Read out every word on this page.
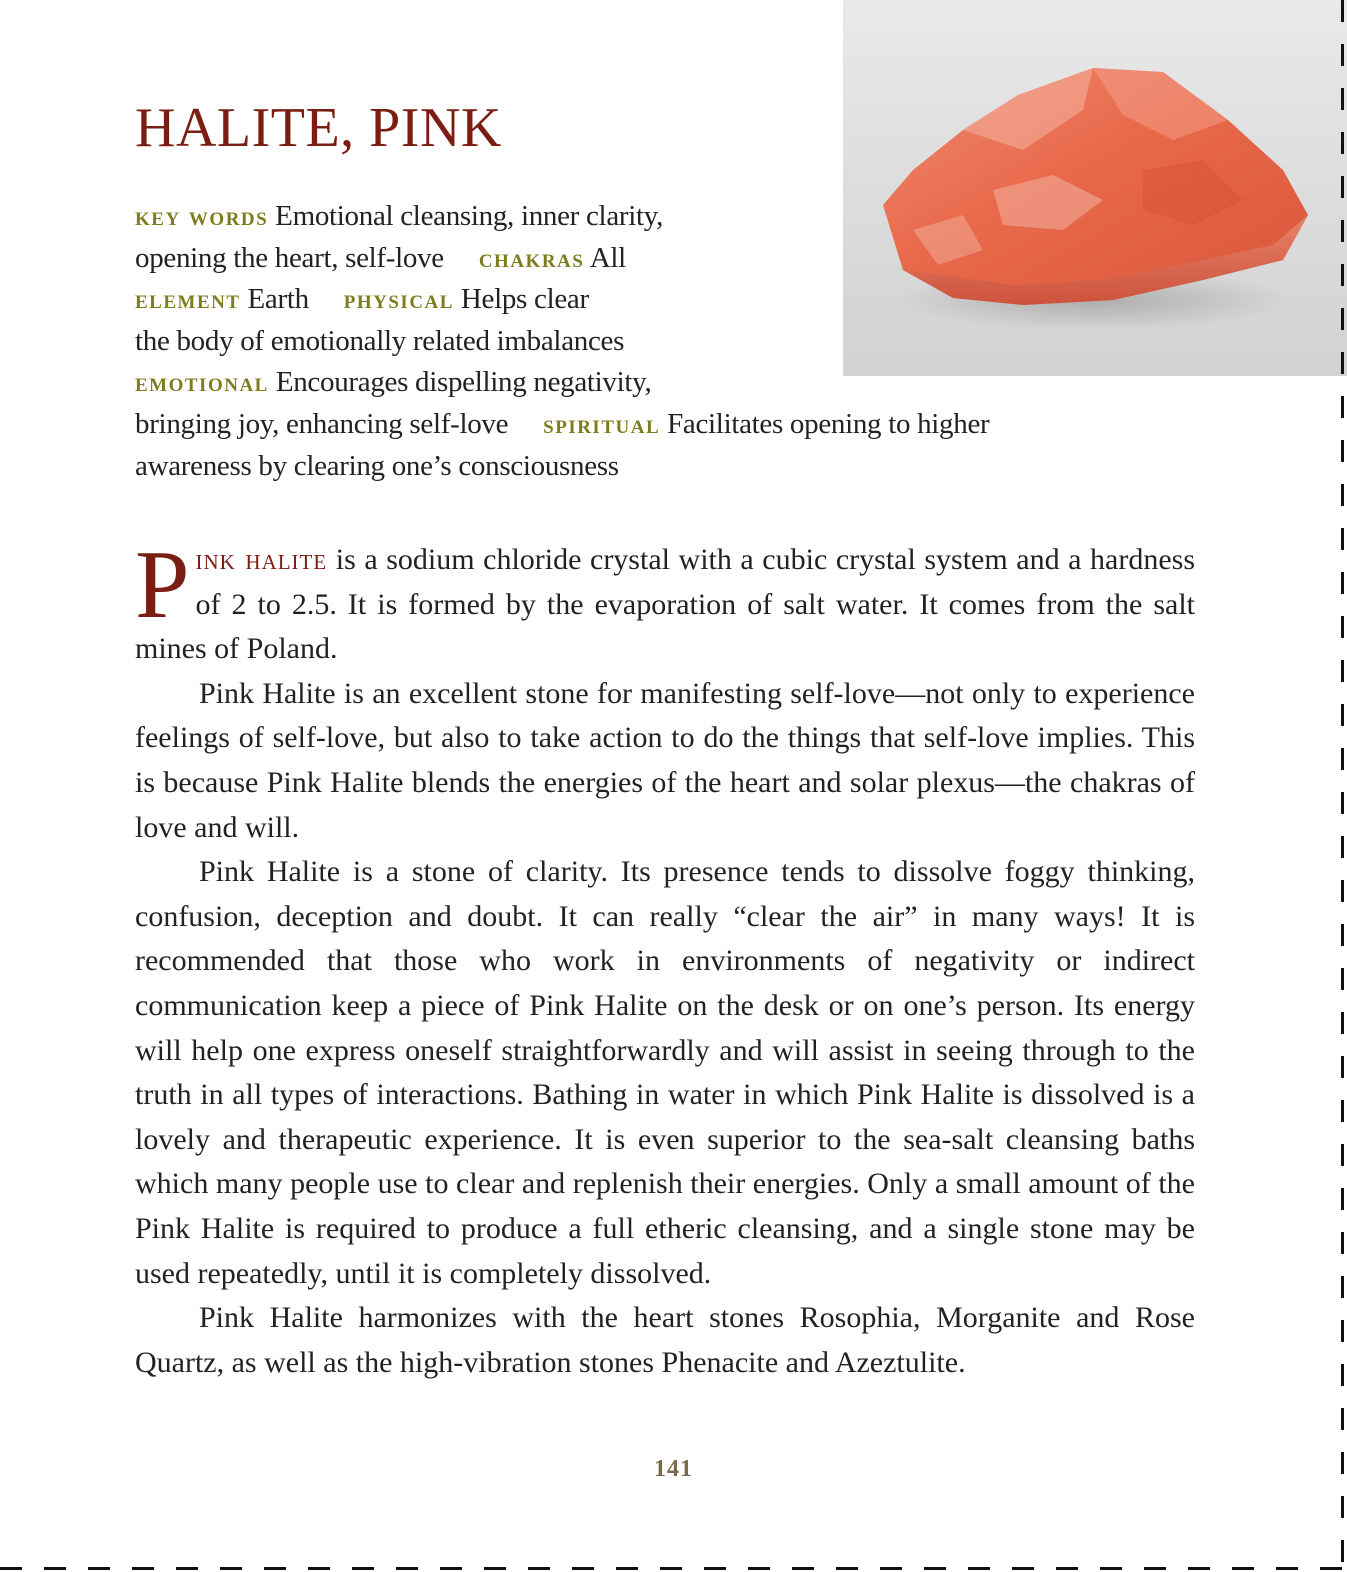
HALITE, PINK
key words Emotional cleansing, inner clarity,
opening the heart, self-love chakras All
element Earth physical Helps clear
the body of emotionally related imbalances
emotional Encourages dispelling negativity,
bringing joy, enhancing self-love spiritual Facilitates opening to higher
awareness by clearing one’s consciousness

Pink halite is a sodium chloride crystal with a cubic crystal system and a hardness of 2 to 2.5. It is formed by the evaporation of salt water. It comes from the salt mines of Poland.

Pink Halite is an excellent stone for manifesting self-love—not only to experience feelings of self-love, but also to take action to do the things that self-love implies. This is because Pink Halite blends the energies of the heart and solar plexus—the chakras of love and will.

Pink Halite is a stone of clarity. Its presence tends to dissolve foggy thinking, confusion, deception and doubt. It can really “clear the air” in many ways! It is recommended that those who work in environments of negativity or indirect communication keep a piece of Pink Halite on the desk or on one’s person. Its energy will help one express oneself straightforwardly and will assist in seeing through to the truth in all types of interactions. Bathing in water in which Pink Halite is dissolved is a lovely and therapeutic experience. It is even superior to the sea-salt cleansing baths which many people use to clear and replenish their energies. Only a small amount of the Pink Halite is required to produce a full etheric cleansing, and a single stone may be used repeatedly, until it is completely dissolved.

Pink Halite harmonizes with the heart stones Rosophia, Morganite and Rose Quartz, as well as the high-vibration stones Phenacite and Azeztulite.

141
